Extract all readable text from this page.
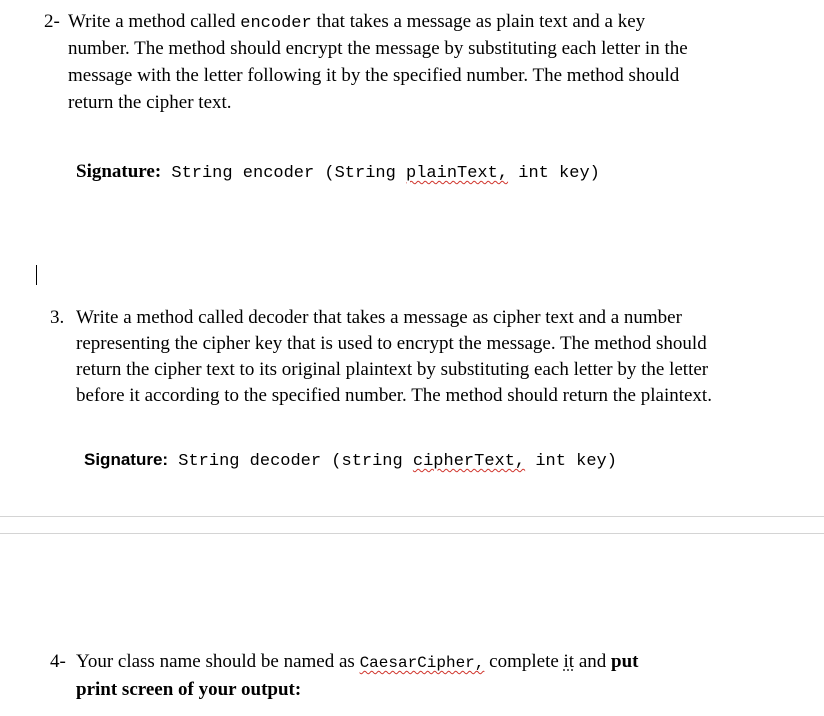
2- Write a method called encoder that takes a message as plain text and a key
number. The method should encrypt the message by substituting each letter in the
message with the letter following it by the specified number. The method should
return the cipher text.

Signature: String encoder (String plainText, int key)

3. Write a method called decoder that takes a message as cipher text and a number
representing the cipher key that is used to encrypt the message. The method should
return the cipher text to its original plaintext by substituting each letter by the letter
before it according to the specified number. The method should return the plaintext.

Signature: String decoder (string cipherText, int key)

4- Your class name should be named as CaesarCipher, complete it and put
print screen of your output:
